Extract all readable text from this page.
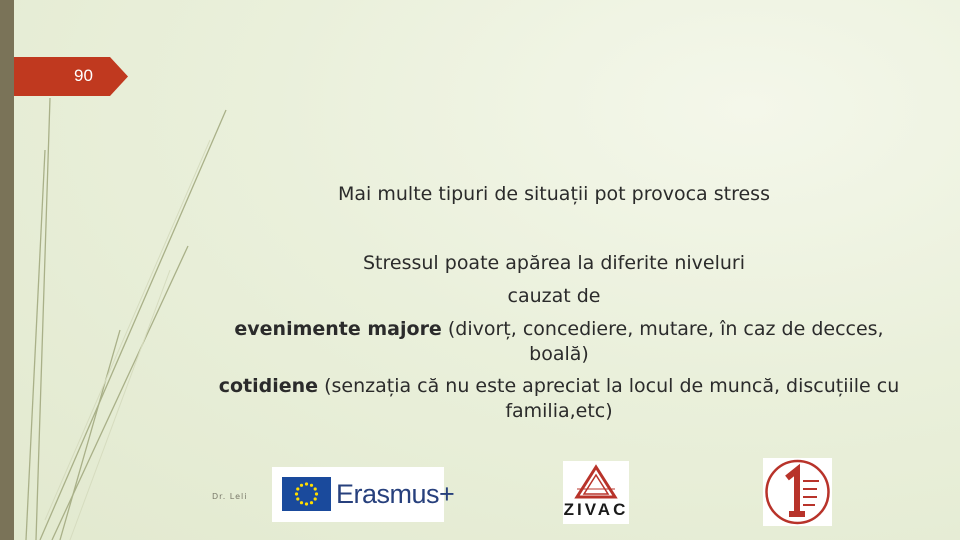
90
Mai multe tipuri de situații pot provoca stress
Stressul poate apărea la diferite niveluri
cauzat de
evenimente majore (divorț, concediere, mutare, în caz de decces, boală)
cotidiene (senzația că nu este apreciat la locul de muncă, discuțiile cu familia,etc)
Dr. Leli	Erasmus+
ZIVAC
